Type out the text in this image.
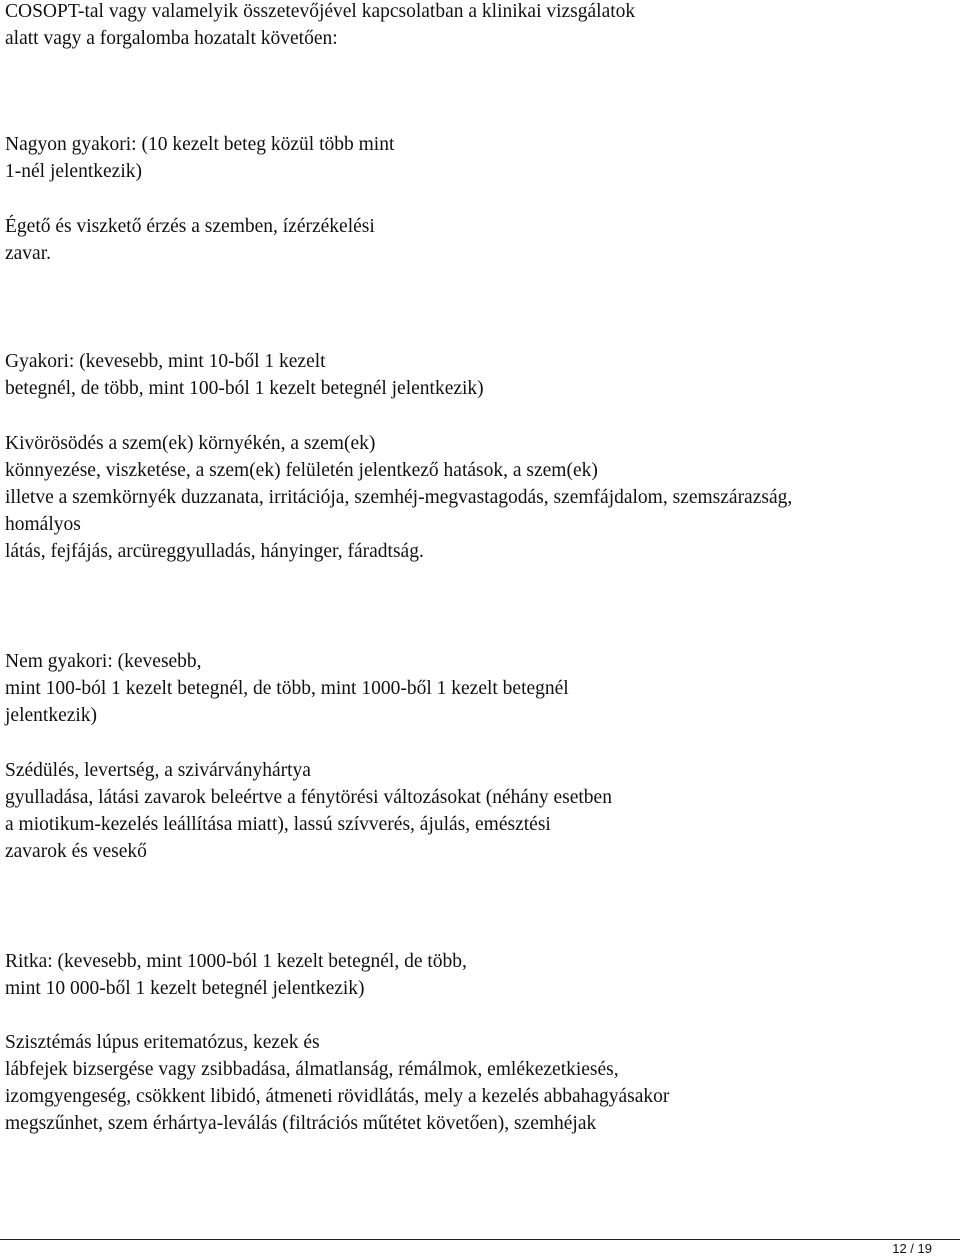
COSOPT-tal vagy valamelyik összetevőjével kapcsolatban a klinikai vizsgálatok
alatt vagy a forgalomba hozatalt követően:
Nagyon gyakori: (10 kezelt beteg közül több mint
1-nél jelentkezik)
Égető és viszkető érzés a szemben, ízérzékelési
zavar.
Gyakori: (kevesebb, mint 10-ből 1 kezelt
betegnél, de több, mint 100-ból 1 kezelt betegnél jelentkezik)
Kivörösödés a szem(ek) környékén, a szem(ek)
könnyezése, viszketése, a szem(ek) felületén jelentkező hatások, a szem(ek)
illetve a szemkörnyék duzzanata, irritációja, szemhéj-megvastagodás, szemfájdalom, szemszárazság,
homályos
látás, fejfájás, arcüreggyulladás, hányinger, fáradtság.
Nem gyakori: (kevesebb,
mint 100-ból 1 kezelt betegnél, de több, mint 1000-ből 1 kezelt betegnél
jelentkezik)
Szédülés, levertség, a szivárványhártya
gyulladása, látási zavarok beleértve a fénytörési változásokat (néhány esetben
a miotikum-kezelés leállítása miatt), lassú szívverés, ájulás, emésztési
zavarok és vesekő
Ritka: (kevesebb, mint 1000-ból 1 kezelt betegnél, de több,
mint 10 000-ből 1 kezelt betegnél jelentkezik)
Szisztémás lúpus eritematózus, kezek és
lábfejek bizsergése vagy zsibbadása, álmatlanság, rémálmok, emlékezetkiesés,
izomgyengeség, csökkent libidó, átmeneti rövidlátás, mely a kezelés abbahagyásakor
megszűnhet, szem érhártya-leválás (filtrációs műtétet követően), szemhéjak
12 / 19
